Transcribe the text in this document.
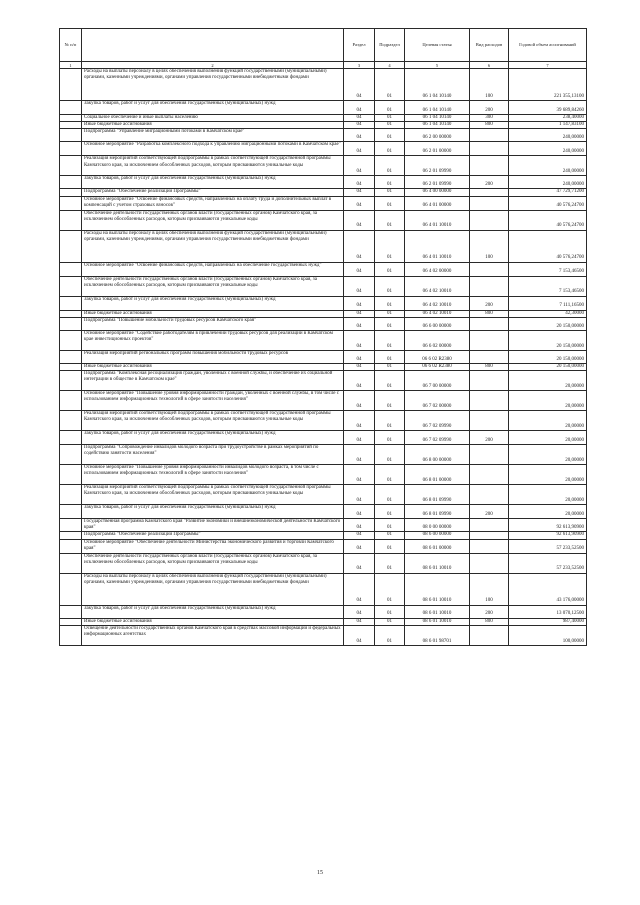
№ п/п		Раздел	Подраздел	Целевая статья	Вид расходов	Годовой объем ассигнований
1	2	3	4	5	6	7
	Расходы на выплаты персоналу в целях обеспечения выполнения функций государственными (муниципальными) органами, казенными учреждениями, органами управления государственными внебюджетными фондами	04	01	06 1 04 10140	100	221 355,13100
	Закупка товаров, работ и услуг для обеспечения государственных (муниципальных) нужд	04	01	06 1 04 10140	200	39 689,84260
	Социальное обеспечение и иные выплаты населению	04	01	06 1 04 10140	300	238,40000
	Иные бюджетные ассигнования	04	01	06 1 04 10140	800	1 147,83100
	Подпрограмма "Управление миграционными потоками в Камчатском крае"	04	01	06 2 00 00000		240,00000
	Основное мероприятие "Разработка комплексного подхода к управлению миграционными потоками в Камчатском крае"	04	01	06 2 01 00000		240,00000
	Реализация мероприятий соответствующей подпрограммы в рамках соответствующей государственной программы Камчатского края, за исключением обособленных расходов, которым присваиваются уникальные коды	04	01	06 2 01 09990		240,00000
	Закупка товаров, работ и услуг для обеспечения государственных (муниципальных) нужд	04	01	06 2 01 09990	200	240,00000
	Подпрограмма "Обеспечение реализации Программы"	04	01	06 4 00 00000		47 729,71200
	Основное мероприятие "Освоение финансовых средств, направленных на оплату труда и дополнительных выплат в компенсаций с учетом страховых взносов"	04	01	06 4 01 00000		40 576,24700
	Обеспечение деятельности государственных органов власти (государственных органов) Камчатского края, за исключением обособленных расходов, которым присваиваются уникальные коды	04	01	06 4 01 10010		40 576,24700
	Расходы на выплаты персоналу в целях обеспечения выполнения функций государственными (муниципальными) органами, казенными учреждениями, органами управления государственными внебюджетными фондами	04	01	06 4 01 10010	100	40 576,24700
	Основное мероприятие "Освоение финансовых средств, направленных на обеспечение государственных нужд"	04	01	06 4 02 00000		7 153,46500
	Обеспечение деятельности государственных органов власти (государственных органов) Камчатского края, за исключением обособленных расходов, которым присваиваются уникальные коды	04	01	06 4 02 10010		7 153,46500
	Закупка товаров, работ и услуг для обеспечения государственных (муниципальных) нужд	04	01	06 4 02 10010	200	7 111,16500
	Иные бюджетные ассигнования	04	01	06 4 02 10010	800	42,30000
	Подпрограмма "Повышение мобильности трудовых ресурсов Камчатского края"	04	01	06 6 00 00000		20 150,00000
	Основное мероприятие "Содействие работодателям в привлечении трудовых ресурсов для реализации в Камчатском крае инвестиционных проектов"	04	01	06 6 02 00000		20 150,00000
	Реализация мероприятий региональных программ повышения мобильности трудовых ресурсов	04	01	06 6 02 R2380		20 150,00000
	Иные бюджетные ассигнования	04	01	06 6 02 R2380	800	20 150,00000
	Подпрограмма "Комплексная ресоциализация граждан, уволенных с военной службы, и обеспечение их социальной интеграции в обществе в Камчатском крае"	04	01	06 7 00 00000		20,00000
	Основное мероприятие "Повышение уровня информированности граждан, уволенных с военной службы, в том числе с использованием информационных технологий в сфере занятости населения"	04	01	06 7 02 00000		20,00000
	Реализация мероприятий соответствующей подпрограммы в рамках соответствующей государственной программы Камчатского края, за исключением обособленных расходов, которым присваиваются уникальные коды	04	01	06 7 02 09990		20,00000
	Закупка товаров, работ и услуг для обеспечения государственных (муниципальных) нужд	04	01	06 7 02 09990	200	20,00000
	Подпрограмма "Сопровождение инвалидов молодого возраста при трудоустройстве в рамках мероприятий по содействию занятости населения"	04	01	06 8 00 00000		20,00000
	Основное мероприятие "Повышение уровня информированности инвалидов молодого возраста, в том числе с использованием информационных технологий в сфере занятости населения"	04	01	06 8 01 00000		20,00000
	Реализация мероприятий соответствующей подпрограммы в рамках соответствующей государственной программы Камчатского края, за исключением обособленных расходов, которым присваиваются уникальные коды	04	01	06 8 01 09990		20,00000
	Закупка товаров, работ и услуг для обеспечения государственных (муниципальных) нужд	04	01	06 8 01 09990	200	20,00000
	Государственная программа Камчатского края "Развитие экономики и внешнеэкономической деятельности Камчатского края"	04	01	08 0 00 00000		92 613,90900
	Подпрограмма "Обеспечение реализации Программы"	04	01	08 6 00 00000		92 613,90900
	Основное мероприятие "Обеспечение деятельности Министерства экономического развития и торговли Камчатского края"	04	01	08 6 01 00000		57 233,52500
	Обеспечение деятельности государственных органов власти (государственных органов) Камчатского края, за исключением обособленных расходов, которым присваиваются уникальные коды	04	01	08 6 01 10010		57 233,52500
	Расходы на выплаты персоналу в целях обеспечения выполнения функций государственными (муниципальными) органами, казенными учреждениями, органами управления государственными внебюджетными фондами	04	01	08 6 01 10010	100	43 176,00000
	Закупка товаров, работ и услуг для обеспечения государственных (муниципальных) нужд	04	01	08 6 01 10010	200	13 070,12500
	Иные бюджетные ассигнования	04	01	08 6 01 10010	800	987,40000
	Освещение деятельности государственных органов Камчатского края в средствах массовой информации и федеральных информационных агентствах	04	01	08 6 01 98701		100,00000
15
